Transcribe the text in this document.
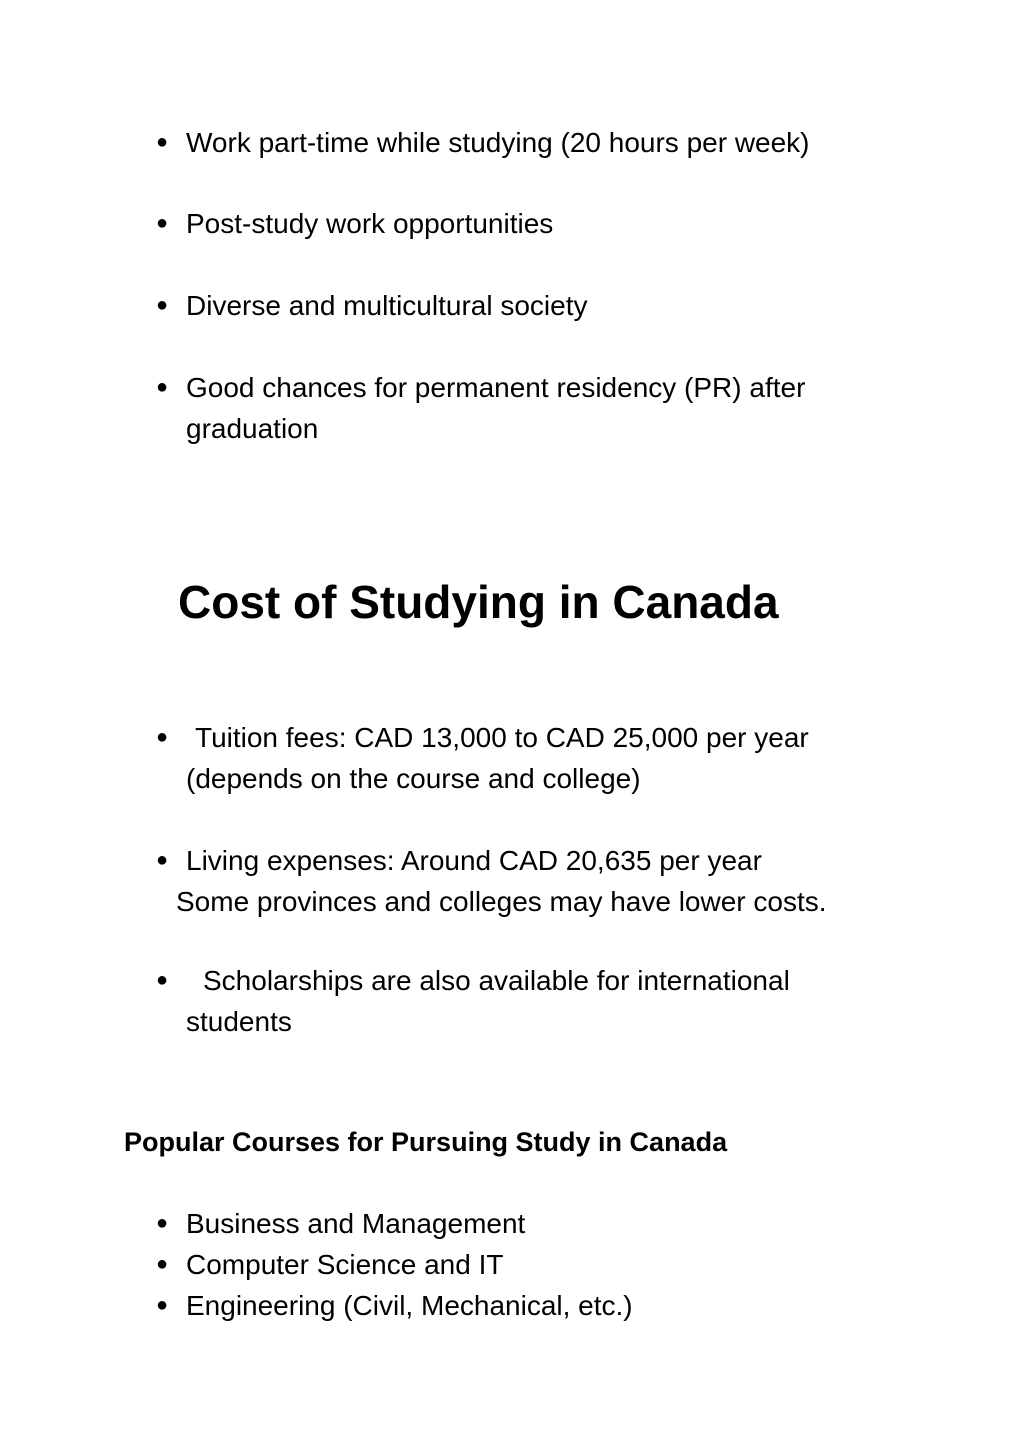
● Work part-time while studying (20 hours per week)
● Post-study work opportunities
● Diverse and multicultural society
● Good chances for permanent residency (PR) after
graduation
Cost of Studying in Canada
● Tuition fees: CAD 13,000 to CAD 25,000 per year
(depends on the course and college)
● Living expenses: Around CAD 20,635 per year
Some provinces and colleges may have lower costs.
● Scholarships are also available for international
students
Popular Courses for Pursuing Study in Canada
● Business and Management
● Computer Science and IT
● Engineering (Civil, Mechanical, etc.)
